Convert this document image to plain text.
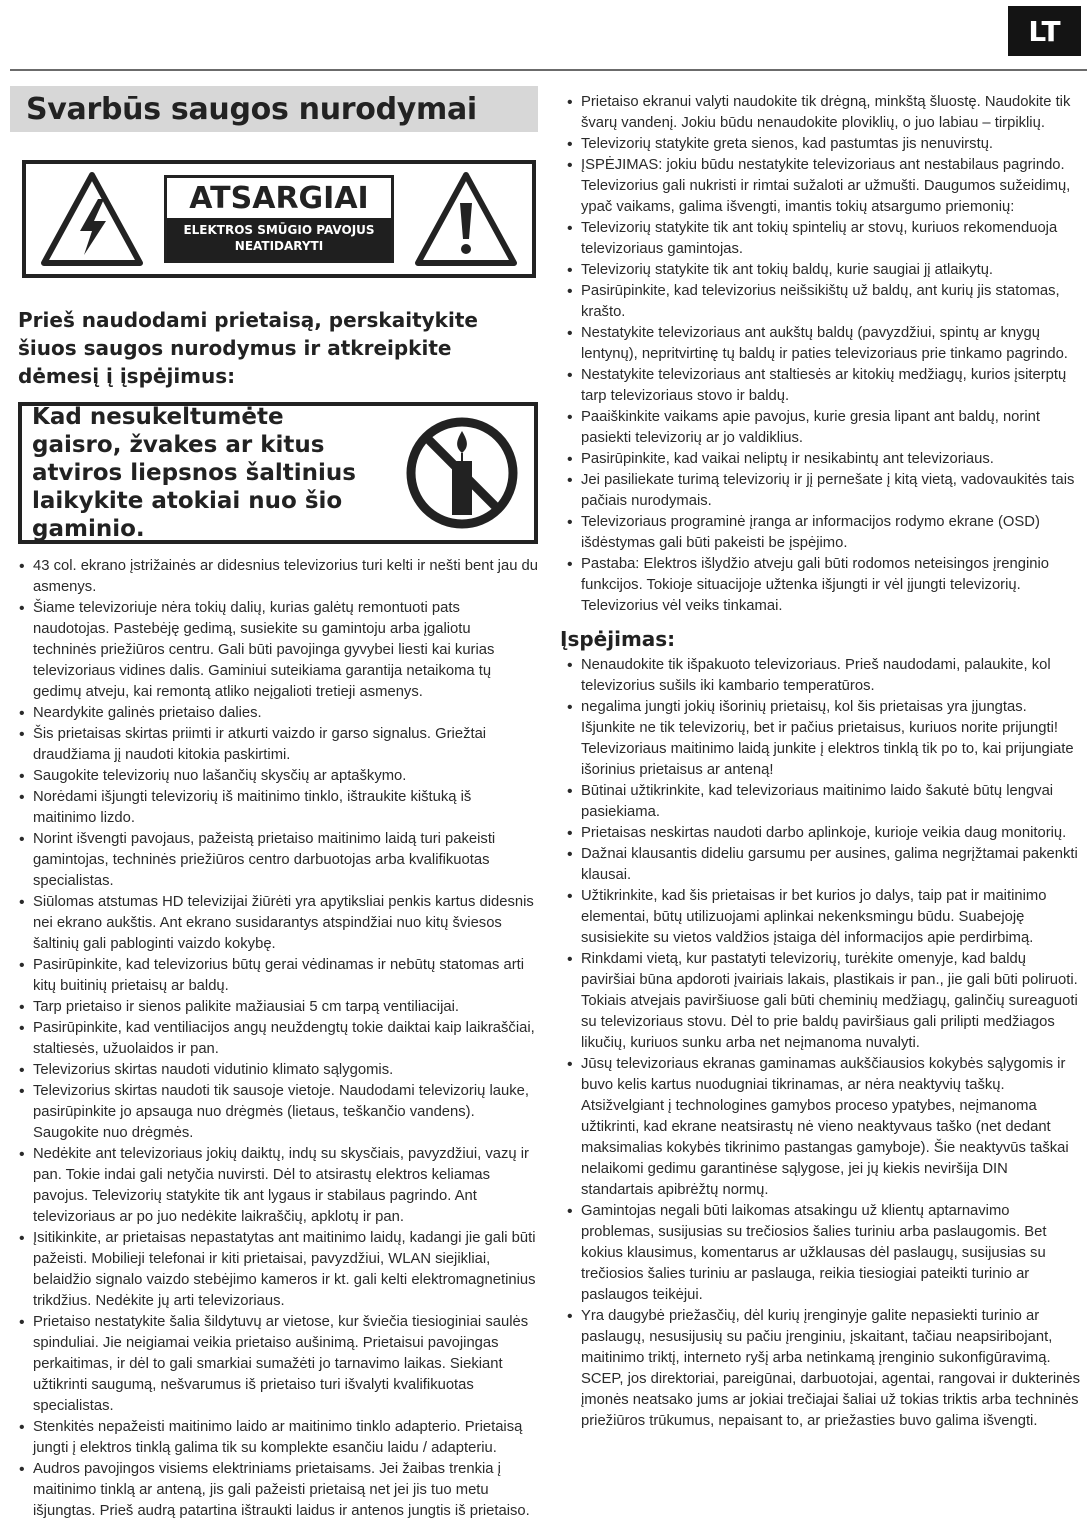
LT
Svarbūs saugos nurodymai
ATSARGIAI
ELEKTROS SMŪGIO PAVOJUS
NEATIDARYTI

Prieš naudodami prietaisą, perskaitykite šiuos saugos nurodymus ir atkreipkite dėmesį į įspėjimus:

Kad nesukeltumėte gaisro, žvakes ar kitus atviros liepsnos šaltinius laikykite atokiai nuo šio gaminio.
• 43 col. ekrano įstrižainės ar didesnius televizorius turi kelti ir nešti bent jau du asmenys.
• Šiame televizoriuje nėra tokių dalių, kurias galėtų remontuoti pats naudotojas. Pastebėję gedimą, susiekite su gamintoju arba įgaliotu techninės priežiūros centru. Gali būti pavojinga gyvybei liesti kai kurias televizoriaus vidines dalis. Gaminiui suteikiama garantija netaikoma tų gedimų atveju, kai remontą atliko neįgalioti tretieji asmenys.
• Neardykite galinės prietaiso dalies.
• Šis prietaisas skirtas priimti ir atkurti vaizdo ir garso signalus. Griežtai draudžiama jį naudoti kitokia paskirtimi.
• Saugokite televizorių nuo lašančių skysčių ar aptaškymo.
• Norėdami išjungti televizorių iš maitinimo tinklo, ištraukite kištuką iš maitinimo lizdo.
• Norint išvengti pavojaus, pažeistą prietaiso maitinimo laidą turi pakeisti gamintojas, techninės priežiūros centro darbuotojas arba kvalifikuotas specialistas.
• Siūlomas atstumas HD televizijai žiūrėti yra apytiksliai penkis kartus didesnis nei ekrano aukštis. Ant ekrano susidarantys atspindžiai nuo kitų šviesos šaltinių gali pabloginti vaizdo kokybę.
• Pasirūpinkite, kad televizorius būtų gerai vėdinamas ir nebūtų statomas arti kitų buitinių prietaisų ar baldų.
• Tarp prietaiso ir sienos palikite mažiausiai 5 cm tarpą ventiliacijai.
• Pasirūpinkite, kad ventiliacijos angų neuždengtų tokie daiktai kaip laikraščiai, staltiesės, užuolaidos ir pan.
• Televizorius skirtas naudoti vidutinio klimato sąlygomis.
• Televizorius skirtas naudoti tik sausoje vietoje. Naudodami televizorių lauke, pasirūpinkite jo apsauga nuo drėgmės (lietaus, teškančio vandens). Saugokite nuo drėgmės.
• Nedėkite ant televizoriaus jokių daiktų, indų su skysčiais, pavyzdžiui, vazų ir pan. Tokie indai gali netyčia nuvirsti. Dėl to atsirastų elektros keliamas pavojus. Televizorių statykite tik ant lygaus ir stabilaus pagrindo. Ant televizoriaus ar po juo nedėkite laikraščių, apklotų ir pan.
• Įsitikinkite, ar prietaisas nepastatytas ant maitinimo laidų, kadangi jie gali būti pažeisti. Mobilieji telefonai ir kiti prietaisai, pavyzdžiui, WLAN siejikliai, belaidžio signalo vaizdo stebėjimo kameros ir kt. gali kelti elektromagnetinius trikdžius. Nedėkite jų arti televizoriaus.
• Prietaiso nestatykite šalia šildytuvų ar vietose, kur šviečia tiesioginiai saulės spinduliai. Jie neigiamai veikia prietaiso aušinimą. Prietaisui pavojingas perkaitimas, ir dėl to gali smarkiai sumažėti jo tarnavimo laikas. Siekiant užtikrinti saugumą, nešvarumus iš prietaiso turi išvalyti kvalifikuotas specialistas.
• Stenkitės nepažeisti maitinimo laido ar maitinimo tinklo adapterio. Prietaisą jungti į elektros tinklą galima tik su komplekte esančiu laidu / adapteriu.
• Audros pavojingos visiems elektriniams prietaisams. Jei žaibas trenkia į maitinimo tinklą ar anteną, jis gali pažeisti prietaisą net jei jis tuo metu išjungtas. Prieš audrą patartina ištraukti laidus ir antenos jungtis iš prietaiso.
• Prietaiso ekranui valyti naudokite tik drėgną, minkštą šluostę. Naudokite tik švarų vandenį. Jokiu būdu nenaudokite ploviklių, o juo labiau – tirpiklių.
• Televizorių statykite greta sienos, kad pastumtas jis nenuvirstų.
• ĮSPĖJIMAS: jokiu būdu nestatykite televizoriaus ant nestabilaus pagrindo. Televizorius gali nukristi ir rimtai sužaloti ar užmušti. Daugumos sužeidimų, ypač vaikams, galima išvengti, imantis tokių atsargumo priemonių:
• Televizorių statykite tik ant tokių spintelių ar stovų, kuriuos rekomenduoja televizoriaus gamintojas.
• Televizorių statykite tik ant tokių baldų, kurie saugiai jį atlaikytų.
• Pasirūpinkite, kad televizorius neišsikištų už baldų, ant kurių jis statomas, krašto.
• Nestatykite televizoriaus ant aukštų baldų (pavyzdžiui, spintų ar knygų lentynų), nepritvirtinę tų baldų ir paties televizoriaus prie tinkamo pagrindo.
• Nestatykite televizoriaus ant staltiesės ar kitokių medžiagų, kurios įsiterptų tarp televizoriaus stovo ir baldų.
• Paaiškinkite vaikams apie pavojus, kurie gresia lipant ant baldų, norint pasiekti televizorių ar jo valdiklius.
• Pasirūpinkite, kad vaikai neliptų ir nesikabintų ant televizoriaus.
• Jei pasiliekate turimą televizorių ir jį pernešate į kitą vietą, vadovaukitės tais pačiais nurodymais.
• Televizoriaus programinė įranga ar informacijos rodymo ekrane (OSD) išdėstymas gali būti pakeisti be įspėjimo.
• Pastaba: Elektros išlydžio atveju gali būti rodomos neteisingos įrenginio funkcijos. Tokioje situacijoje užtenka išjungti ir vėl įjungti televizorių. Televizorius vėl veiks tinkamai.
Įspėjimas:
• Nenaudokite tik išpakuoto televizoriaus. Prieš naudodami, palaukite, kol televizorius sušils iki kambario temperatūros.
• negalima jungti jokių išorinių prietaisų, kol šis prietaisas yra įjungtas. Išjunkite ne tik televizorių, bet ir pačius prietaisus, kuriuos norite prijungti! Televizoriaus maitinimo laidą junkite į elektros tinklą tik po to, kai prijungiate išorinius prietaisus ar anteną!
• Būtinai užtikrinkite, kad televizoriaus maitinimo laido šakutė būtų lengvai pasiekiama.
• Prietaisas neskirtas naudoti darbo aplinkoje, kurioje veikia daug monitorių.
• Dažnai klausantis dideliu garsumu per ausines, galima negrįžtamai pakenkti klausai.
• Užtikrinkite, kad šis prietaisas ir bet kurios jo dalys, taip pat ir maitinimo elementai, būtų utilizuojami aplinkai nekenksmingu būdu. Suabejoję susisiekite su vietos valdžios įstaiga dėl informacijos apie perdirbimą.
• Rinkdami vietą, kur pastatyti televizorių, turėkite omenyje, kad baldų paviršiai būna apdoroti įvairiais lakais, plastikais ir pan., jie gali būti poliruoti. Tokiais atvejais paviršiuose gali būti cheminių medžiagų, galinčių sureaguoti su televizoriaus stovu. Dėl to prie baldų paviršiaus gali prilipti medžiagos likučių, kuriuos sunku arba net neįmanoma nuvalyti.
• Jūsų televizoriaus ekranas gaminamas aukščiausios kokybės sąlygomis ir buvo kelis kartus nuodugniai tikrinamas, ar nėra neaktyvių taškų. Atsižvelgiant į technologines gamybos proceso ypatybes, neįmanoma užtikrinti, kad ekrane neatsirastų nė vieno neaktyvaus taško (net dedant maksimalias kokybės tikrinimo pastangas gamyboje). Šie neaktyvūs taškai nelaikomi gedimu garantinėse sąlygose, jei jų kiekis neviršija DIN standartais apibrėžtų normų.
• Gamintojas negali būti laikomas atsakingu už klientų aptarnavimo problemas, susijusias su trečiosios šalies turiniu arba paslaugomis. Bet kokius klausimus, komentarus ar užklausas dėl paslaugų, susijusias su trečiosios šalies turiniu ar paslauga, reikia tiesiogiai pateikti turinio ar paslaugos teikėjui.
• Yra daugybė priežasčių, dėl kurių įrenginyje galite nepasiekti turinio ar paslaugų, nesusijusių su pačiu įrenginiu, įskaitant, tačiau neapsiribojant, maitinimo triktį, interneto ryšį arba netinkamą įrenginio sukonfigūravimą. SCEP, jos direktoriai, pareigūnai, darbuotojai, agentai, rangovai ir dukterinės įmonės neatsako jums ar jokiai trečiajai šaliai už tokias triktis arba techninės priežiūros trūkumus, nepaisant to, ar priežasties buvo galima išvengti.
